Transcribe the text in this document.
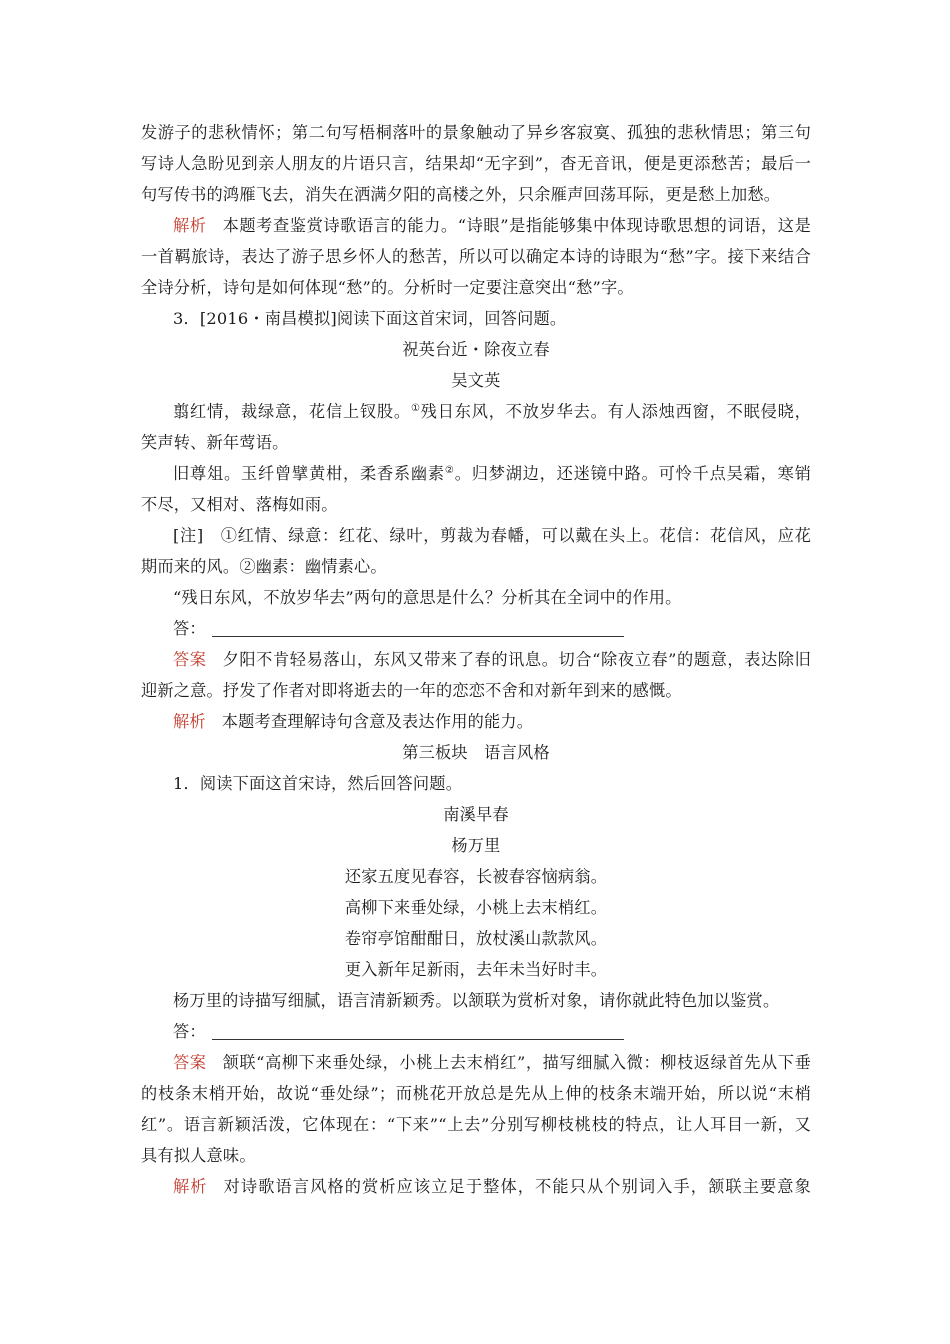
发游子的悲秋情怀；第二句写梧桐落叶的景象触动了异乡客寂寞、孤独的悲秋情思；第三句
写诗人急盼见到亲人朋友的片语只言，结果却“无字到”，杳无音讯，便是更添愁苦；最后一
句写传书的鸿雁飞去，消失在洒满夕阳的高楼之外，只余雁声回荡耳际，更是愁上加愁。
解析 本题考查鉴赏诗歌语言的能力。“诗眼”是指能够集中体现诗歌思想的词语，这是
一首羁旅诗，表达了游子思乡怀人的愁苦，所以可以确定本诗的诗眼为“愁”字。接下来结合
全诗分析，诗句是如何体现“愁”的。分析时一定要注意突出“愁”字。
3．[2016・南昌模拟]阅读下面这首宋词，回答问题。
祝英台近・除夜立春
吴文英
翦红情，裁绿意，花信上钗股。①残日东风，不放岁华去。有人添烛西窗，不眠侵晓，
笑声转、新年莺语。
旧尊俎。玉纤曾擘黄柑，柔香系幽素②。归梦湖边，还迷镜中路。可怜千点吴霜，寒销
不尽，又相对、落梅如雨。
[注]　①红情、绿意：红花、绿叶，剪裁为春幡，可以戴在头上。花信：花信风，应花
期而来的风。②幽素：幽情素心。
“残日东风，不放岁华去”两句的意思是什么？分析其在全词中的作用。
答：
答案 夕阳不肯轻易落山，东风又带来了春的讯息。切合“除夜立春”的题意，表达除旧
迎新之意。抒发了作者对即将逝去的一年的恋恋不舍和对新年到来的感慨。
解析 本题考查理解诗句含意及表达作用的能力。
第三板块　语言风格
1．阅读下面这首宋诗，然后回答问题。
南溪早春
杨万里
还家五度见春容，长被春容恼病翁。
高柳下来垂处绿，小桃上去末梢红。
卷帘亭馆酣酣日，放杖溪山款款风。
更入新年足新雨，去年未当好时丰。
杨万里的诗描写细腻，语言清新颖秀。以颔联为赏析对象，请你就此特色加以鉴赏。
答：
答案 颔联“高柳下来垂处绿，小桃上去末梢红”，描写细腻入微：柳枝返绿首先从下垂
的枝条末梢开始，故说“垂处绿”；而桃花开放总是先从上伸的枝条末端开始，所以说“末梢
红”。语言新颖活泼，它体现在：“下来”“上去”分别写柳枝桃枝的特点，让人耳目一新，又
具有拟人意味。
解析 对诗歌语言风格的赏析应该立足于整体，不能只从个别词入手，颔联主要意象
